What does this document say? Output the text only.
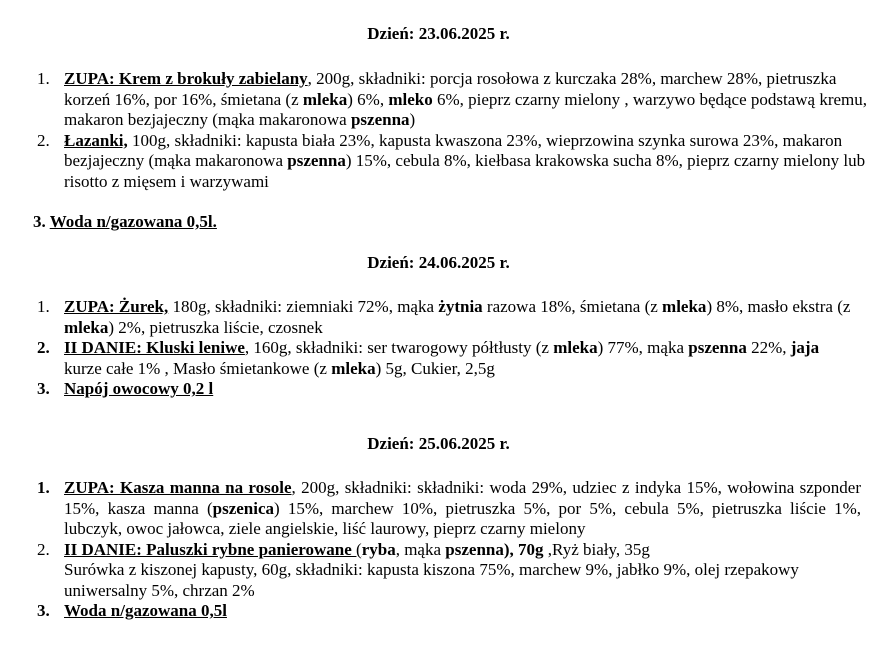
Dzień: 23.06.2025 r.
1. ZUPA: Krem z brokuły zabielany, 200g, składniki: porcja rosołowa z kurczaka 28%, marchew 28%, pietruszka korzeń 16%, por 16%, śmietana (z mleka) 6%, mleko 6%, pieprz czarny mielony , warzywo będące podstawą kremu, makaron bezjajeczny (mąka makaronowa pszenna)
2. Łazanki, 100g, składniki: kapusta biała 23%, kapusta kwaszona 23%, wieprzowina szynka surowa 23%, makaron bezjajeczny (mąka makaronowa pszenna) 15%, cebula 8%, kiełbasa krakowska sucha 8%, pieprz czarny mielony lub risotto z mięsem i warzywami
3. Woda n/gazowana 0,5l.
Dzień: 24.06.2025 r.
1. ZUPA: Żurek, 180g, składniki: ziemniaki 72%, mąka żytnia razowa 18%, śmietana (z mleka) 8%, masło ekstra (z mleka) 2%, pietruszka liście, czosnek
2. II DANIE: Kluski leniwe, 160g, składniki: ser twarogowy półtłusty (z mleka) 77%, mąka pszenna 22%, jaja kurze całe 1% , Masło śmietankowe (z mleka) 5g, Cukier, 2,5g
3. Napój owocowy 0,2 l
Dzień: 25.06.2025 r.
1. ZUPA: Kasza manna na rosole, 200g, składniki: składniki: woda 29%, udziec z indyka 15%, wołowina szponder 15%, kasza manna (pszenica) 15%, marchew 10%, pietruszka 5%, por 5%, cebula 5%, pietruszka liście 1%, lubczyk, owoc jałowca, ziele angielskie, liść laurowy, pieprz czarny mielony
2. II DANIE: Paluszki rybne panierowane (ryba, mąka pszenna), 70g ,Ryż biały, 35g
Surówka z kiszonej kapusty, 60g, składniki: kapusta kiszona 75%, marchew 9%, jabłko 9%, olej rzepakowy uniwersalny 5%, chrzan 2%
3. Woda n/gazowana 0,5l
